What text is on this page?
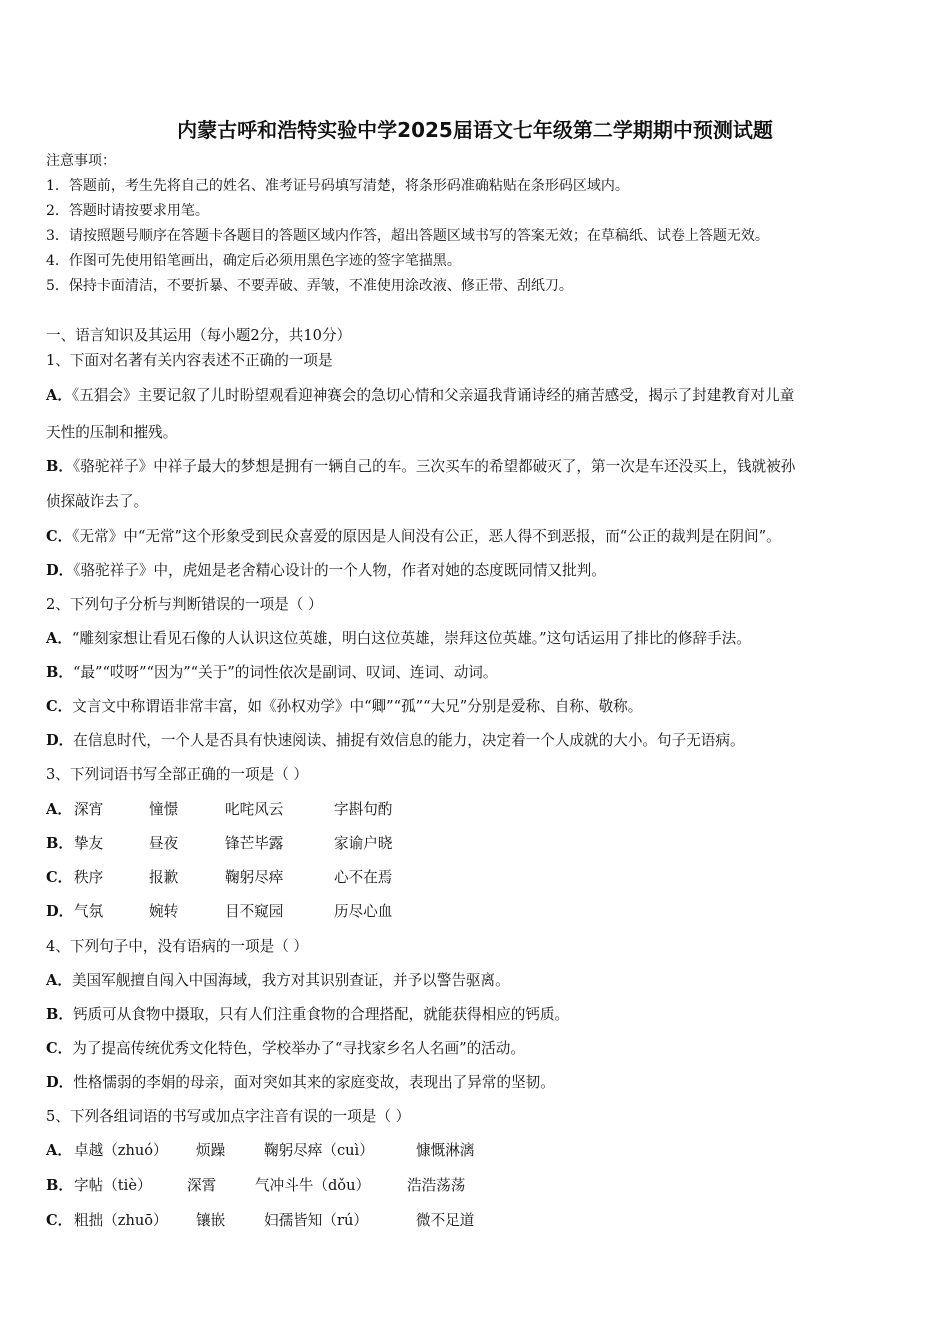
内蒙古呼和浩特实验中学2025届语文七年级第二学期期中预测试题
注意事项：
1．答题前，考生先将自己的姓名、准考证号码填写清楚，将条形码准确粘贴在条形码区域内。
2．答题时请按要求用笔。
3．请按照题号顺序在答题卡各题目的答题区域内作答，超出答题区域书写的答案无效；在草稿纸、试卷上答题无效。
4．作图可先使用铅笔画出，确定后必须用黑色字迹的签字笔描黑。
5．保持卡面清洁，不要折暴、不要弄破、弄皱，不准使用涂改液、修正带、刮纸刀。
一、语言知识及其运用（每小题2分，共10分）
1、下面对名著有关内容表述不正确的一项是
A．《五猖会》主要记叙了儿时盼望观看迎神赛会的急切心情和父亲逼我背诵诗经的痛苦感受，揭示了封建教育对儿童
天性的压制和摧残。
B．《骆驼祥子》中祥子最大的梦想是拥有一辆自己的车。三次买车的希望都破灭了，第一次是车还没买上，钱就被孙
侦探敲诈去了。
C．《无常》中“无常”这个形象受到民众喜爱的原因是人间没有公正，恶人得不到恶报，而“公正的裁判是在阴间”。
D．《骆驼祥子》中，虎妞是老舍精心设计的一个人物，作者对她的态度既同情又批判。
2、下列句子分析与判断错误的一项是（ ）
A．“雕刻家想让看见石像的人认识这位英雄，明白这位英雄，崇拜这位英雄。”这句话运用了排比的修辞手法。
B．“最”“哎呀”“因为”“关于”的词性依次是副词、叹词、连词、动词。
C．文言文中称谓语非常丰富，如《孙权劝学》中“卿”“孤”“大兄”分别是爱称、自称、敬称。
D．在信息时代，一个人是否具有快速阅读、捕捉有效信息的能力，决定着一个人成就的大小。句子无语病。
3、下列词语书写全部正确的一项是（ ）
A． 深宵	憧憬	叱咤风云	字斟句酌
B．挚友	昼夜	锋芒毕露	家谕户晓
C． 秩序	报歉	鞠躬尽瘁	心不在焉
D．气氛	婉转	目不窥园	历尽心血
4、下列句子中，没有语病的一项是（ ）
A．美国军舰擅自闯入中国海域，我方对其识别查证，并予以警告驱离。
B．钙质可从食物中摄取，只有人们注重食物的合理搭配，就能获得相应的钙质。
C．为了提高传统优秀文化特色，学校举办了“寻找家乡名人名画”的活动。
D．性格懦弱的李娟的母亲，面对突如其来的家庭变故，表现出了异常的坚韧。
5、下列各组词语的书写或加点字注音有误的一项是（ ）
A． 卓越（zhuó） 烦躁	鞠躬尽瘁（cuì）	慷慨淋漓
B．字帖（tiè） 深霄	气冲斗牛（dǒu）	浩浩荡荡
C． 粗拙（zhuō） 镶嵌	妇孺皆知（rú）	微不足道
